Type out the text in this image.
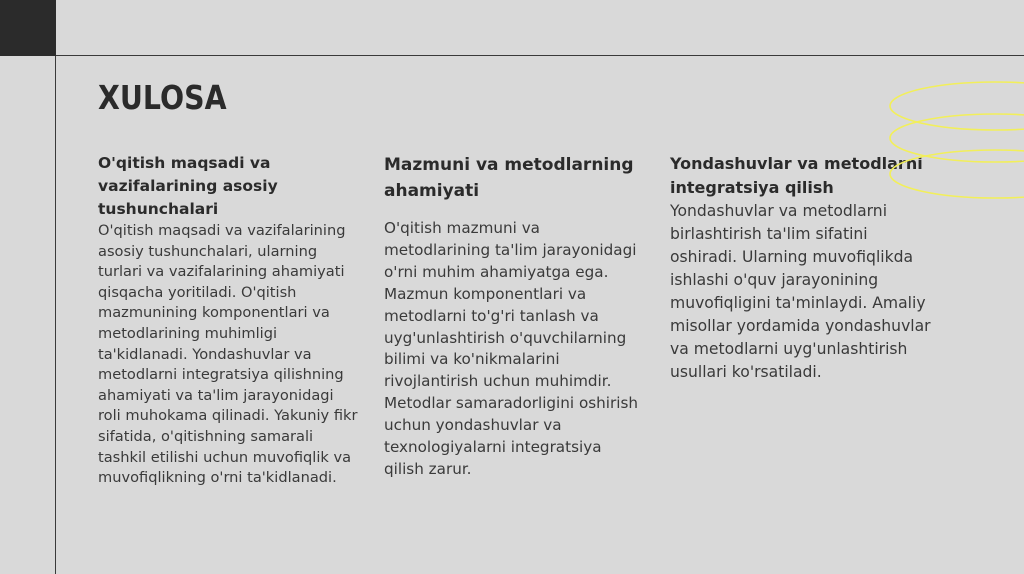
XULOSA
O'qitish maqsadi va vazifalarining asosiy tushunchalari

O'qitish maqsadi va vazifalarining asosiy tushunchalari, ularning turlari va vazifalarining ahamiyati qisqacha yoritiladi. O'qitish mazmunining komponentlari va metodlarining muhimligi ta'kidlanadi. Yondashuvlar va metodlarni integratsiya qilishning ahamiyati va ta'lim jarayonidagi roli muhokama qilinadi. Yakuniy fikr sifatida, o'qitishning samarali tashkil etilishi uchun muvofiqlik va muvofiqlikning o'rni ta'kidlanadi.

Mazmuni va metodlarning ahamiyati

O'qitish mazmuni va metodlarining ta'lim jarayonidagi o'rni muhim ahamiyatga ega. Mazmun komponentlari va metodlarni to'g'ri tanlash va uyg'unlashtirish o'quvchilarning bilimi va ko'nikmalarini rivojlantirish uchun muhimdir. Metodlar samaradorligini oshirish uchun yondashuvlar va texnologiyalarni integratsiya qilish zarur.

Yondashuvlar va metodlarni integratsiya qilish

Yondashuvlar va metodlarni birlashtirish ta'lim sifatini oshiradi. Ularning muvofiqlikda ishlashi o'quv jarayonining muvofiqligini ta'minlaydi. Amaliy misollar yordamida yondashuvlar va metodlarni uyg'unlashtirish usullari ko'rsatiladi.
